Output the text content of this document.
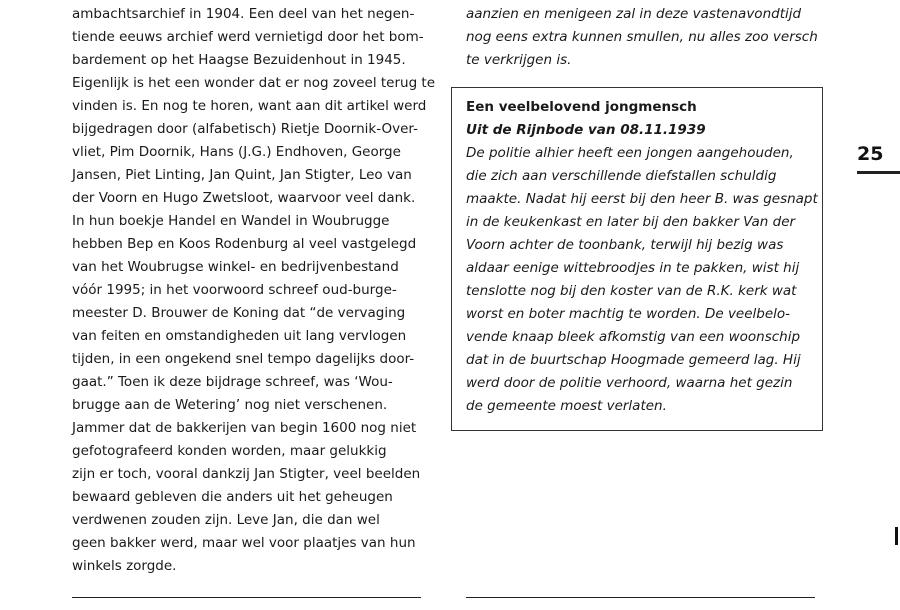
ambachtsarchief in 1904. Een deel van het negen-
tiende eeuws archief werd vernietigd door het bom-
bardement op het Haagse Bezuidenhout in 1945.
Eigenlijk is het een wonder dat er nog zoveel terug te
vinden is. En nog te horen, want aan dit artikel werd
bijgedragen door (alfabetisch) Rietje Doornik-Over-
vliet, Pim Doornik, Hans (J.G.) Endhoven, George
Jansen, Piet Linting, Jan Quint, Jan Stigter, Leo van
der Voorn en Hugo Zwetsloot, waarvoor veel dank.
In hun boekje Handel en Wandel in Woubrugge
hebben Bep en Koos Rodenburg al veel vastgelegd
van het Woubrugse winkel- en bedrijvenbestand
vóór 1995; in het voorwoord schreef oud-burge-
meester D. Brouwer de Koning dat “de vervaging
van feiten en omstandigheden uit lang vervlogen
tijden, in een ongekend snel tempo dagelijks door-
gaat.” Toen ik deze bijdrage schreef, was ‘Wou-
brugge aan de Wetering’ nog niet verschenen.
Jammer dat de bakkerijen van begin 1600 nog niet
gefotografeerd konden worden, maar gelukkig
zijn er toch, vooral dankzij Jan Stigter, veel beelden
bewaard gebleven die anders uit het geheugen
verdwenen zouden zijn. Leve Jan, die dan wel
geen bakker werd, maar wel voor plaatjes van hun
winkels zorgde.
aanzien en menigeen zal in deze vastenavondtijd
nog eens extra kunnen smullen, nu alles zoo versch
te verkrijgen is.
Een veelbelovend jongmensch
Uit de Rijnbode van 08.11.1939
De politie alhier heeft een jongen aangehouden,
die zich aan verschillende diefstallen schuldig
maakte. Nadat hij eerst bij den heer B. was gesnapt
in de keukenkast en later bij den bakker Van der
Voorn achter de toonbank, terwijl hij bezig was
aldaar eenige wittebroodjes in te pakken, wist hij
tenslotte nog bij den koster van de R.K. kerk wat
worst en boter machtig te worden. De veelbelo-
vende knaap bleek afkomstig van een woonschip
dat in de buurtschap Hoogmade gemeerd lag. Hij
werd door de politie verhoord, waarna het gezin
de gemeente moest verlaten.
25
